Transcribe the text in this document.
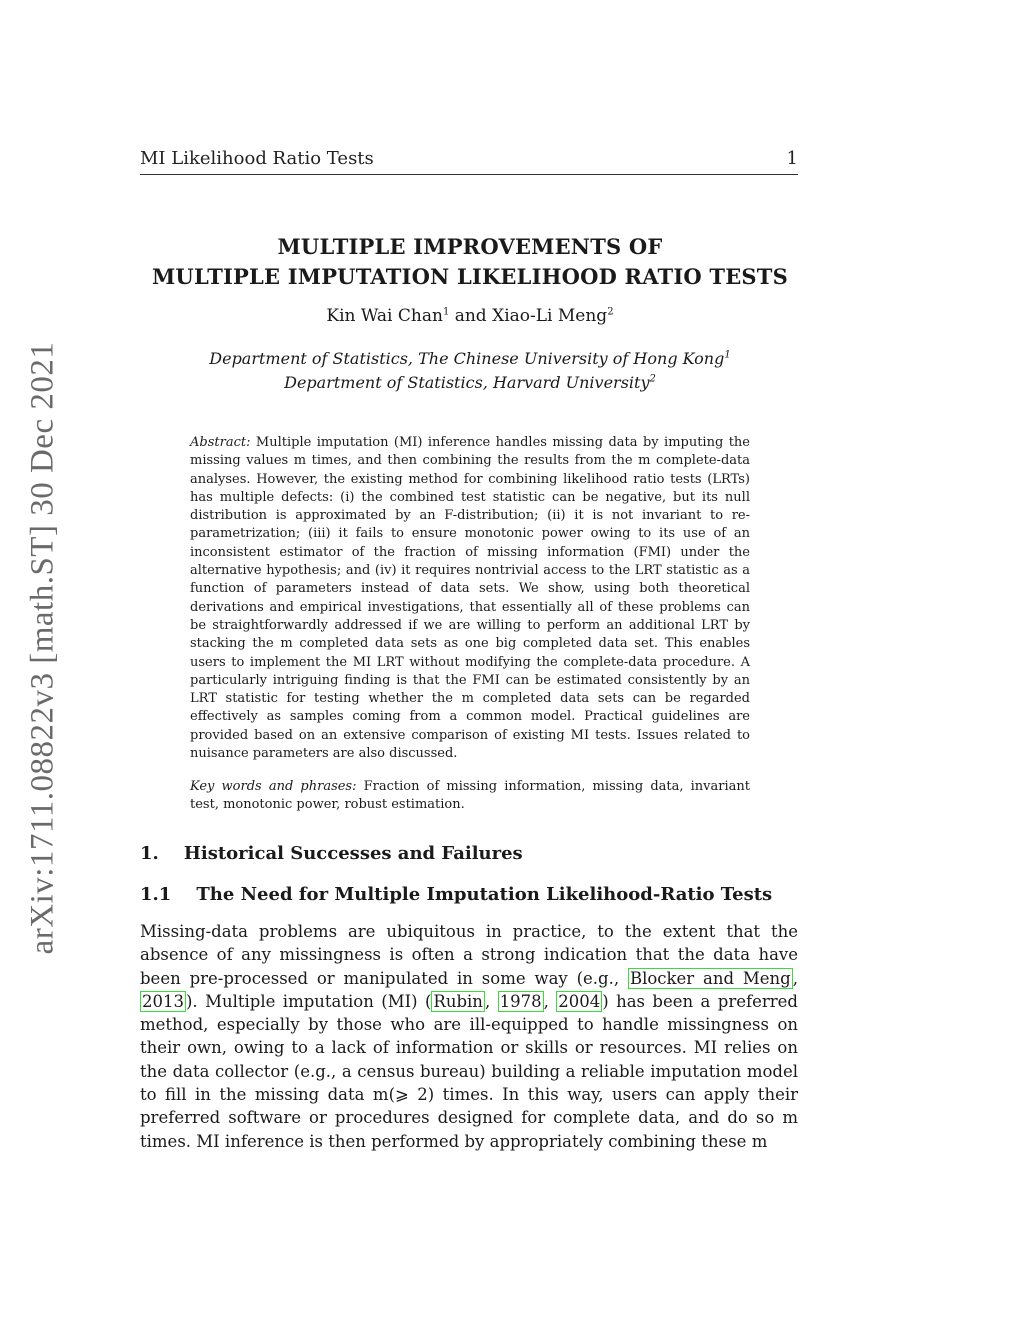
arXiv:1711.08822v3 [math.ST] 30 Dec 2021
MI Likelihood Ratio Tests	1
MULTIPLE IMPROVEMENTS OF
MULTIPLE IMPUTATION LIKELIHOOD RATIO TESTS
Kin Wai Chan$^1$ and Xiao-Li Meng$^2$
Department of Statistics, The Chinese University of Hong Kong$^1$
Department of Statistics, Harvard University$^2$
Abstract: Multiple imputation (MI) inference handles missing data by imputing the missing values m times, and then combining the results from the m complete-data analyses. However, the existing method for combining likelihood ratio tests (LRTs) has multiple defects: (i) the combined test statistic can be negative, but its null distribution is approximated by an F-distribution; (ii) it is not invariant to re-parametrization; (iii) it fails to ensure monotonic power owing to its use of an inconsistent estimator of the fraction of missing information (FMI) under the alternative hypothesis; and (iv) it requires nontrivial access to the LRT statistic as a function of parameters instead of data sets. We show, using both theoretical derivations and empirical investigations, that essentially all of these problems can be straightforwardly addressed if we are willing to perform an additional LRT by stacking the m completed data sets as one big completed data set. This enables users to implement the MI LRT without modifying the complete-data procedure. A particularly intriguing finding is that the FMI can be estimated consistently by an LRT statistic for testing whether the m completed data sets can be regarded effectively as samples coming from a common model. Practical guidelines are provided based on an extensive comparison of existing MI tests. Issues related to nuisance parameters are also discussed.
Key words and phrases: Fraction of missing information, missing data, invariant test, monotonic power, robust estimation.
1. Historical Successes and Failures
1.1 The Need for Multiple Imputation Likelihood-Ratio Tests
Missing-data problems are ubiquitous in practice, to the extent that the absence of any missingness is often a strong indication that the data have been pre-processed or manipulated in some way (e.g., Blocker and Meng , 2013 ). Multiple imputation (MI) ( Rubin , 1978 , 2004 ) has been a preferred method, especially by those who are ill-equipped to handle missingness on their own, owing to a lack of information or skills or resources. MI relies on the data collector (e.g., a census bureau) building a reliable imputation model to fill in the missing data m(⩾ 2) times. In this way, users can apply their preferred software or procedures designed for complete data, and do so m times. MI inference is then performed by appropriately combining these m
